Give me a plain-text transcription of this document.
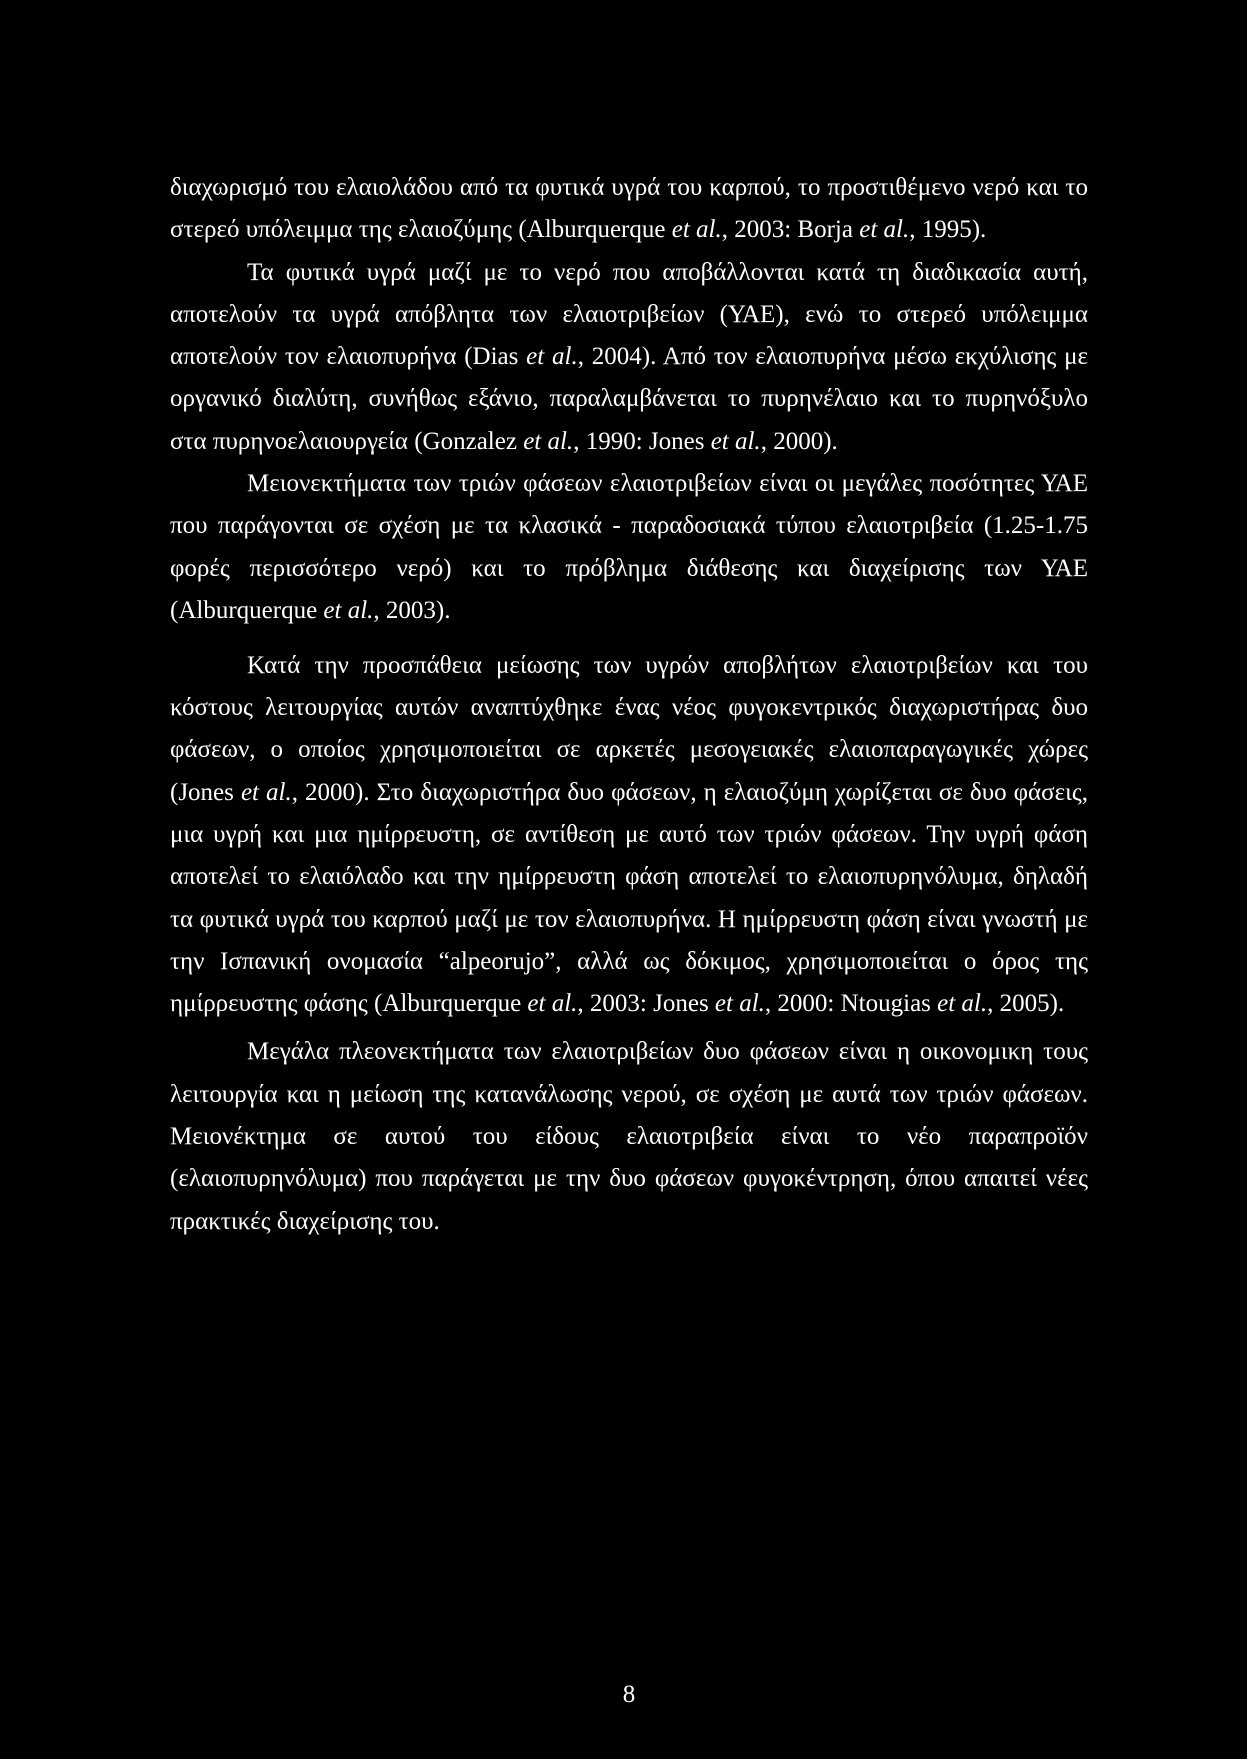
διαχωρισμό του ελαιολάδου από τα φυτικά υγρά του καρπού, το προστιθέμενο νερό και το
στερεό υπόλειμμα της ελαιοζύμης (Alburquerque et al., 2003: Borja et al., 1995).
Τα φυτικά υγρά μαζί με το νερό που αποβάλλονται κατά τη διαδικασία αυτή,
αποτελούν τα υγρά απόβλητα των ελαιοτριβείων (ΥΑΕ), ενώ το στερεό υπόλειμμα
αποτελούν τον ελαιοπυρήνα (Dias et al., 2004). Από τον ελαιοπυρήνα μέσω εκχύλισης με
οργανικό διαλύτη, συνήθως εξάνιο, παραλαμβάνεται το πυρηνέλαιο και το πυρηνόξυλο
στα πυρηνοελαιουργεία (Gonzalez et al., 1990: Jones et al., 2000).
Μειονεκτήματα των τριών φάσεων ελαιοτριβείων είναι οι μεγάλες ποσότητες ΥΑΕ
που παράγονται σε σχέση με τα κλασικά - παραδοσιακά τύπου ελαιοτριβεία (1.25-1.75
φορές περισσότερο νερό) και το πρόβλημα διάθεσης και διαχείρισης των ΥΑΕ
(Alburquerque et al., 2003).
Κατά την προσπάθεια μείωσης των υγρών αποβλήτων ελαιοτριβείων και του
κόστους λειτουργίας αυτών αναπτύχθηκε ένας νέος φυγοκεντρικός διαχωριστήρας δυο
φάσεων, ο οποίος χρησιμοποιείται σε αρκετές μεσογειακές ελαιοπαραγωγικές χώρες
(Jones et al., 2000). Στο διαχωριστήρα δυο φάσεων, η ελαιοζύμη χωρίζεται σε δυο φάσεις,
μια υγρή και μια ημίρρευστη, σε αντίθεση με αυτό των τριών φάσεων. Την υγρή φάση
αποτελεί το ελαιόλαδο και την ημίρρευστη φάση αποτελεί το ελαιοπυρηνόλυμα, δηλαδή
τα φυτικά υγρά του καρπού μαζί με τον ελαιοπυρήνα. Η ημίρρευστη φάση είναι γνωστή με
την Ισπανική ονομασία “alpeorujo”, αλλά ως δόκιμος, χρησιμοποιείται ο όρος της
ημίρρευστης φάσης (Alburquerque et al., 2003: Jones et al., 2000: Ntougias et al., 2005).
Μεγάλα πλεονεκτήματα των ελαιοτριβείων δυο φάσεων είναι η οικονομικη τους
λειτουργία και η μείωση της κατανάλωσης νερού, σε σχέση με αυτά των τριών φάσεων.
Μειονέκτημα σε αυτού του είδους ελαιοτριβεία είναι το νέο παραπροϊόν
(ελαιοπυρηνόλυμα) που παράγεται με την δυο φάσεων φυγοκέντρηση, όπου απαιτεί νέες
πρακτικές διαχείρισης του.
8
